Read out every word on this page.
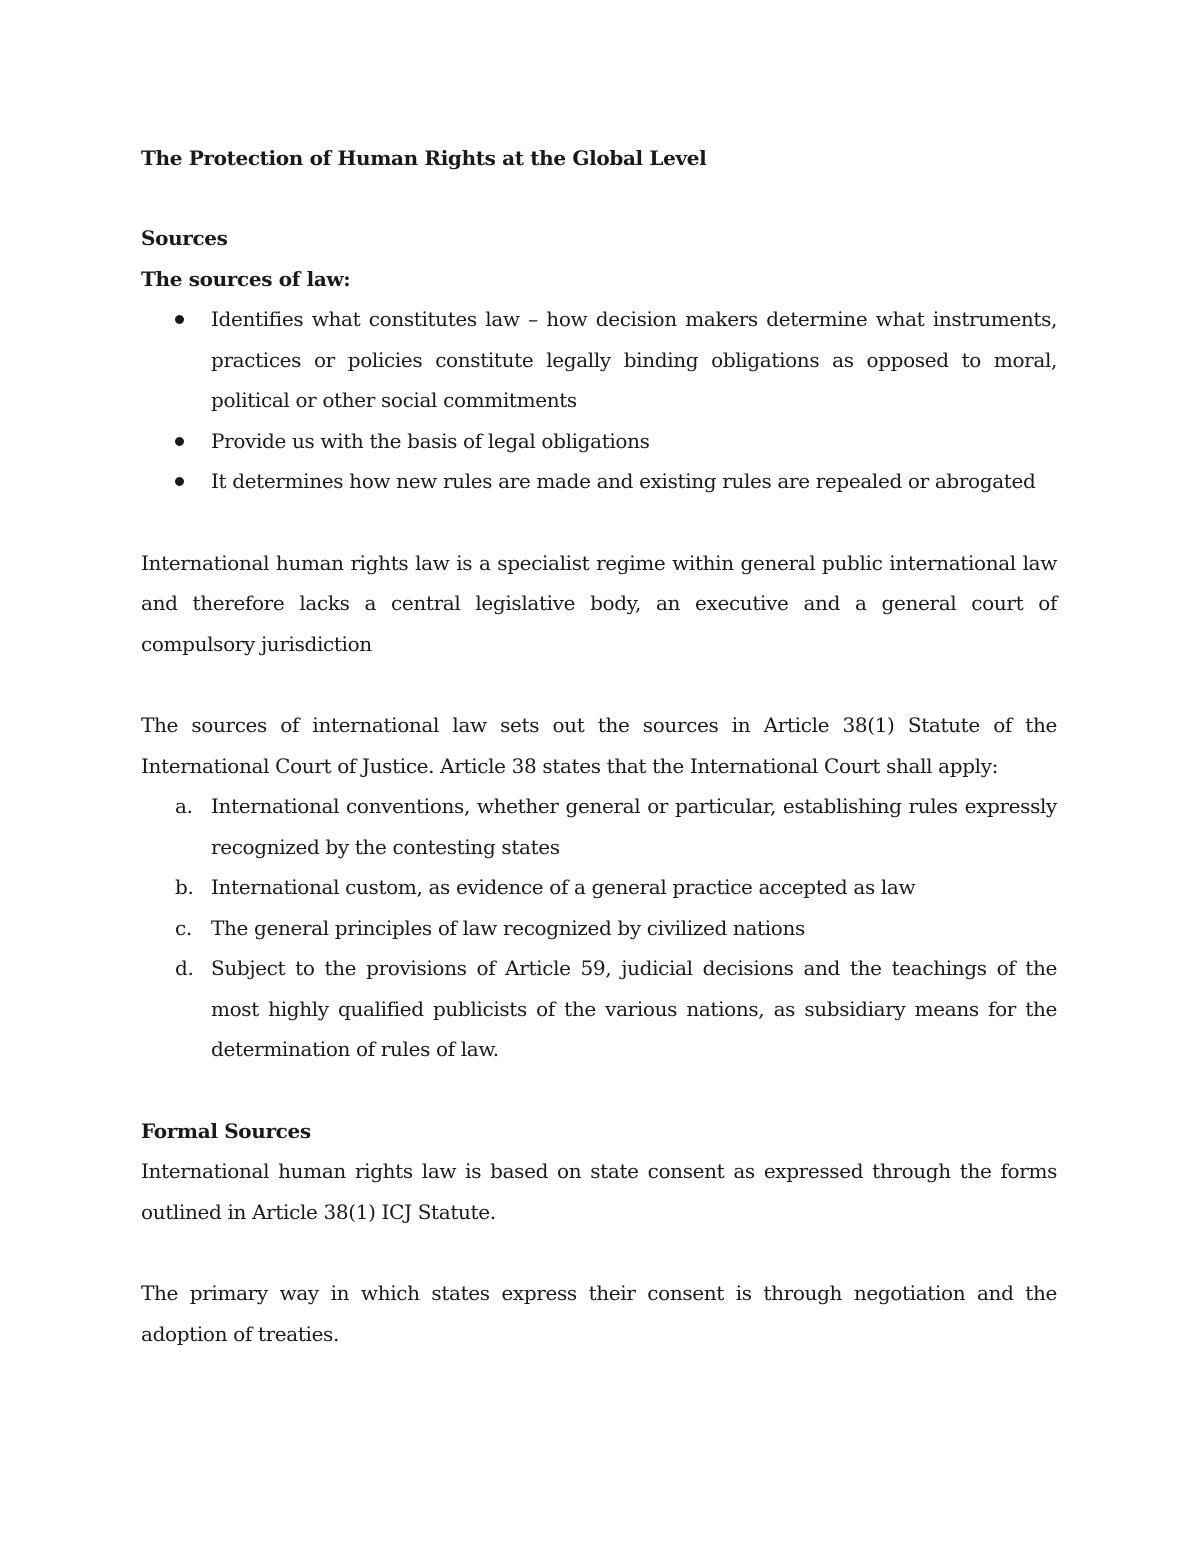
The Protection of Human Rights at the Global Level
Sources
The sources of law:
Identifies what constitutes law – how decision makers determine what instruments, practices or policies constitute legally binding obligations as opposed to moral, political or other social commitments
Provide us with the basis of legal obligations
It determines how new rules are made and existing rules are repealed or abrogated

International human rights law is a specialist regime within general public international law and therefore lacks a central legislative body, an executive and a general court of compulsory jurisdiction

The sources of international law sets out the sources in Article 38(1) Statute of the International Court of Justice. Article 38 states that the International Court shall apply:

a. International conventions, whether general or particular, establishing rules expressly recognized by the contesting states
b. International custom, as evidence of a general practice accepted as law
c. The general principles of law recognized by civilized nations
d. Subject to the provisions of Article 59, judicial decisions and the teachings of the most highly qualified publicists of the various nations, as subsidiary means for the determination of rules of law.
Formal Sources

International human rights law is based on state consent as expressed through the forms outlined in Article 38(1) ICJ Statute.

The primary way in which states express their consent is through negotiation and the adoption of treaties.
